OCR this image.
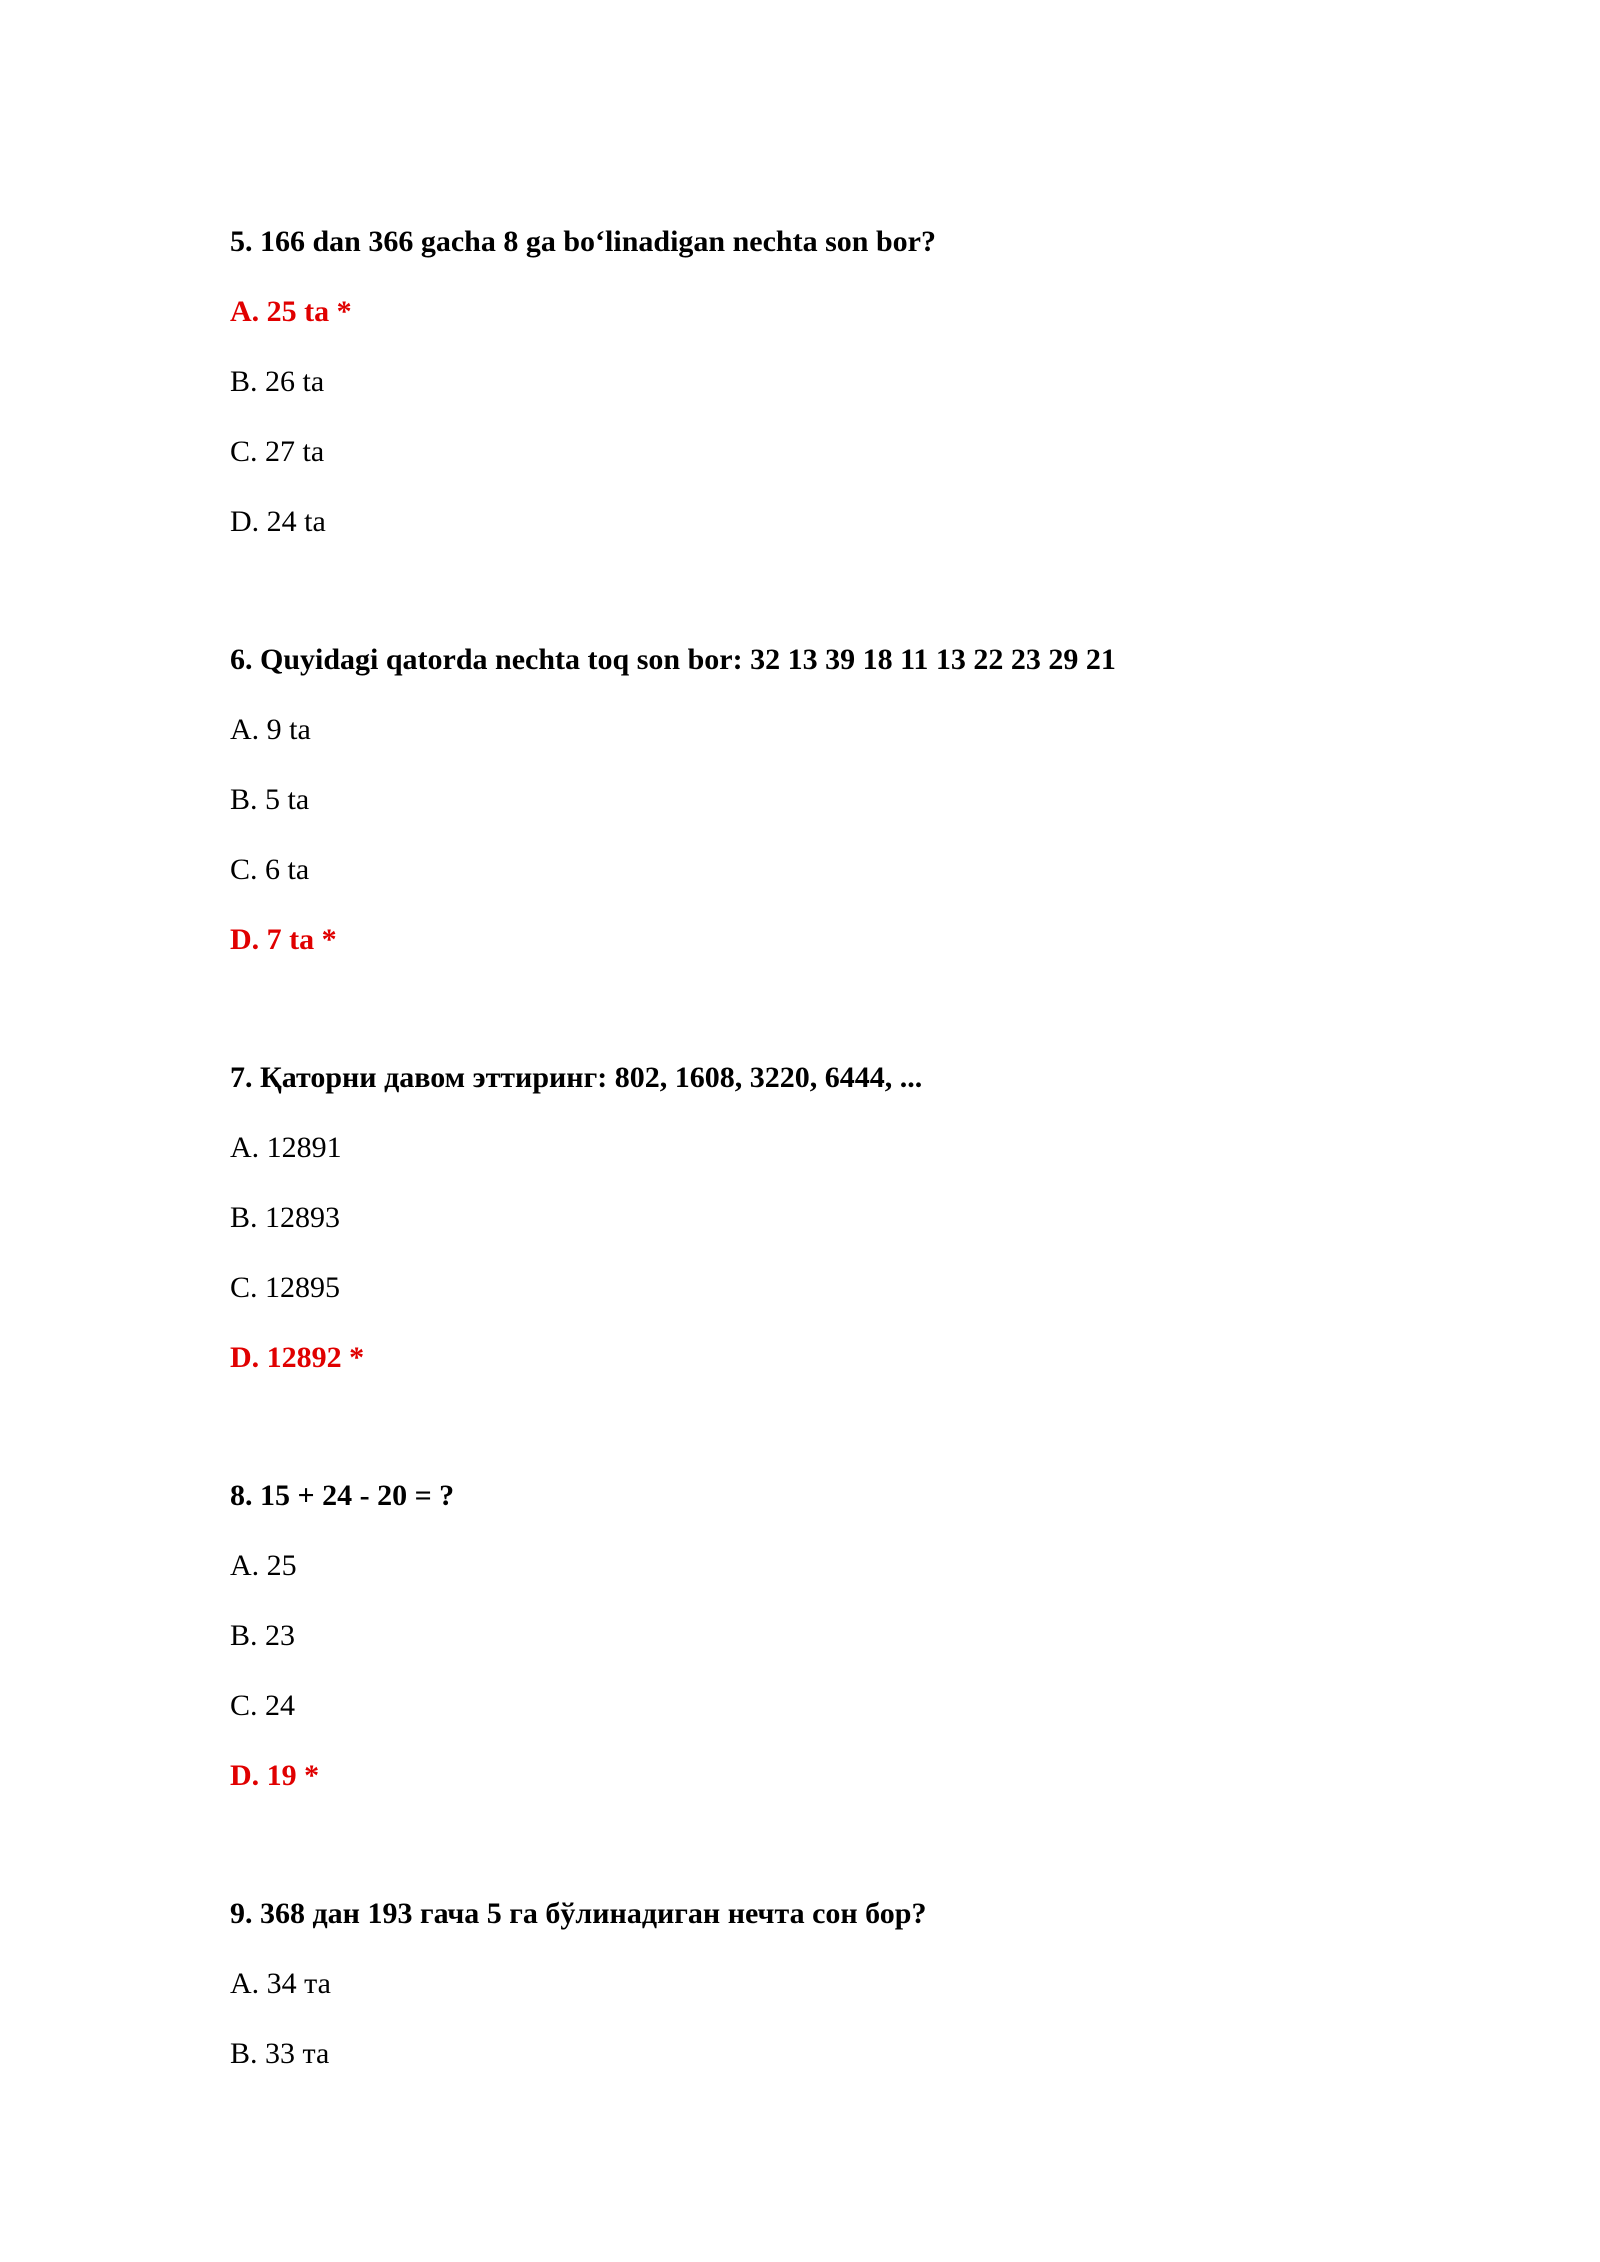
5. 166 dan 366 gacha 8 ga bo‘linadigan nechta son bor?
A. 25 ta *
B. 26 ta
C. 27 ta
D. 24 ta
6. Quyidagi qatorda nechta toq son bor: 32 13 39 18 11 13 22 23 29 21
A. 9 ta
B. 5 ta
C. 6 ta
D. 7 ta *
7. Қаторни давом эттиринг: 802, 1608, 3220, 6444, ...
A. 12891
B. 12893
C. 12895
D. 12892 *
8. 15 + 24 - 20 = ?
A. 25
B. 23
C. 24
D. 19 *
9. 368 дан 193 гача 5 га бўлинадиган нечта сон бор?
A. 34 та
B. 33 та
